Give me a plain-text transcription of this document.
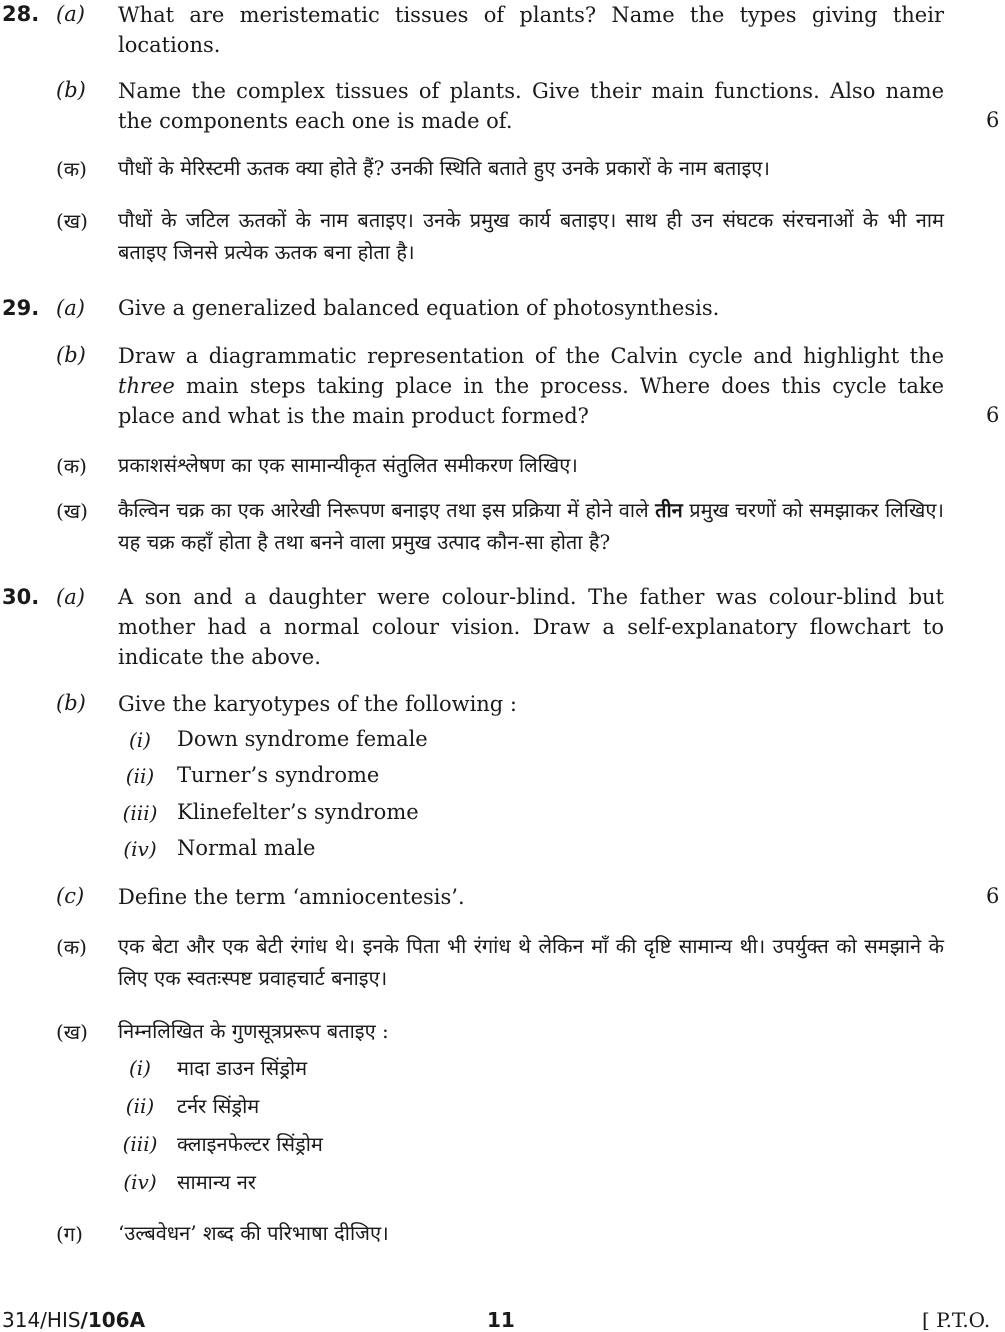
28. (a) What are meristematic tissues of plants? Name the types giving their locations.
(b) Name the complex tissues of plants. Give their main functions. Also name the components each one is made of.	6
(क) पौधों के मेरिस्टमी ऊतक क्या होते हैं? उनकी स्थिति बताते हुए उनके प्रकारों के नाम बताइए।
(ख) पौधों के जटिल ऊतकों के नाम बताइए। उनके प्रमुख कार्य बताइए। साथ ही उन संघटक संरचनाओं के भी नाम बताइए जिनसे प्रत्येक ऊतक बना होता है।
29. (a) Give a generalized balanced equation of photosynthesis.
(b) Draw a diagrammatic representation of the Calvin cycle and highlight the three main steps taking place in the process. Where does this cycle take place and what is the main product formed?	6
(क) प्रकाशसंश्लेषण का एक सामान्यीकृत संतुलित समीकरण लिखिए।
(ख) कैल्विन चक्र का एक आरेखी निरूपण बनाइए तथा इस प्रक्रिया में होने वाले तीन प्रमुख चरणों को समझाकर लिखिए। यह चक्र कहाँ होता है तथा बनने वाला प्रमुख उत्पाद कौन-सा होता है?
30. (a) A son and a daughter were colour-blind. The father was colour-blind but mother had a normal colour vision. Draw a self-explanatory flowchart to indicate the above.
(b) Give the karyotypes of the following :
(i)	Down syndrome female
(ii) Turner’s syndrome
(iii) Klinefelter’s syndrome
(iv) Normal male
(c) Define the term ‘amniocentesis’.	6
(क) एक बेटा और एक बेटी रंगांध थे। इनके पिता भी रंगांध थे लेकिन माँ की दृष्टि सामान्य थी। उपर्युक्त को समझाने के लिए एक स्वतःस्पष्ट प्रवाहचार्ट बनाइए।
(ख) निम्नलिखित के गुणसूत्रप्ररूप बताइए :
(i)	मादा डाउन सिंड्रोम
(ii) टर्नर सिंड्रोम
(iii) क्लाइनफेल्टर सिंड्रोम
(iv) सामान्य नर
(ग) ‘उल्बवेधन’ शब्द की परिभाषा दीजिए।
314/HIS/106A	11	[ P.T.O.
